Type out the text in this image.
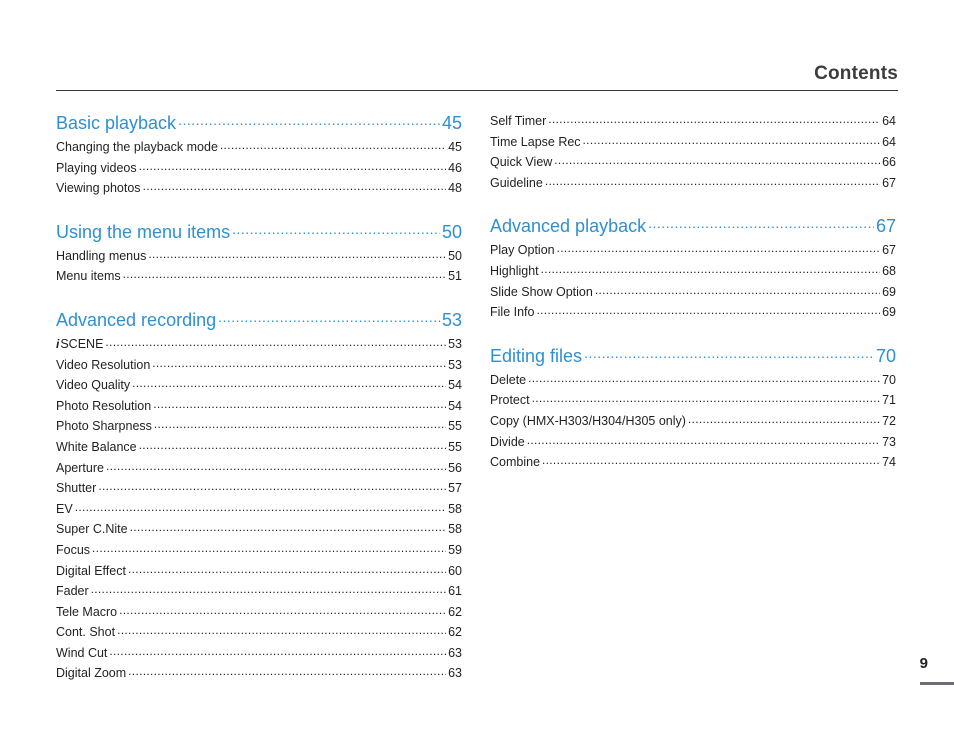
Contents
Basic playback .....	45
Changing the playback mode .....	45
Playing videos .....	46
Viewing photos .....	48
Using the menu items .....	50
Handling menus .....	50
Menu items .....	51
Advanced recording .....	53
i SCENE .....	53
Video Resolution .....	53
Video Quality .....	54
Photo Resolution .....	54
Photo Sharpness .....	55
White Balance .....	55
Aperture .....	56
Shutter .....	57
EV .....	58
Super C.Nite .....	58
Focus .....	59
Digital Effect .....	60
Fader .....	61
Tele Macro .....	62
Cont. Shot .....	62
Wind Cut .....	63
Digital Zoom .....	63
Self Timer .....	64
Time Lapse Rec .....	64
Quick View .....	66
Guideline .....	67
Advanced playback .....	67
Play Option .....	67
Highlight .....	68
Slide Show Option .....	69
File Info .....	69
Editing files .....	70
Delete .....	70
Protect .....	71
Copy (HMX-H303/H304/H305 only) .....	72
Divide .....	73
Combine .....	74
9
